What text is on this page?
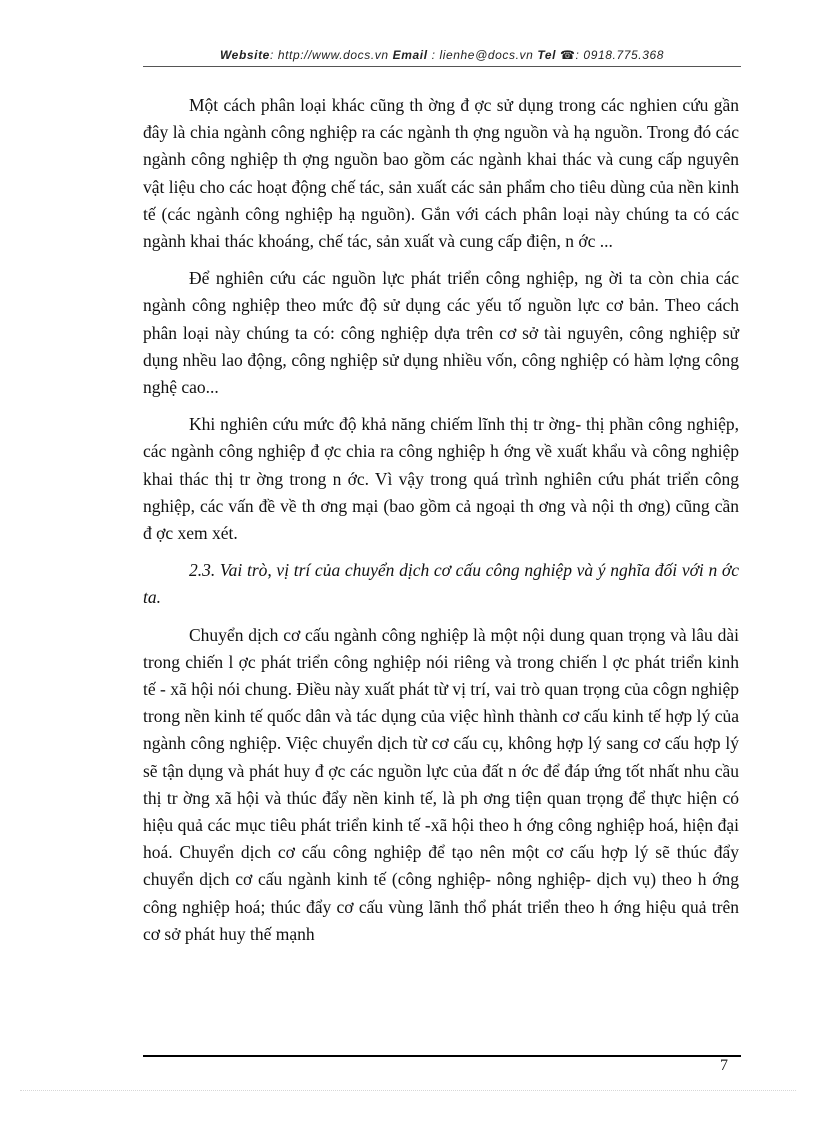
Website: http://www.docs.vn Email : lienhe@docs.vn Tel ☎: 0918.775.368

Một cách phân loại khác cũng th ờng đ ợc sử dụng trong các nghien cứu gần đây là chia ngành công nghiệp ra các ngành th ợng nguồn và hạ nguồn. Trong đó các ngành công nghiệp th ợng nguồn bao gồm các ngành khai thác và cung cấp nguyên vật liệu cho các hoạt động chế tác, sản xuất các sản phẩm cho tiêu dùng của nền kinh tế (các ngành công nghiệp hạ nguồn). Gắn với cách phân loại này chúng ta có các ngành khai thác khoáng, chế tác, sản xuất và cung cấp điện, n ớc ...

Để nghiên cứu các nguồn lực phát triển công nghiệp, ng ời ta còn chia các ngành công nghiệp theo mức độ sử dụng các yếu tố nguồn lực cơ bản. Theo cách phân loại này chúng ta có: công nghiệp dựa trên cơ sở tài nguyên, công nghiệp sử dụng nhều lao động, công nghiệp sử dụng nhiều vốn, công nghiệp có hàm lợng công nghệ cao...

Khi nghiên cứu mức độ khả năng chiếm lĩnh thị tr ờng- thị phần công nghiệp, các ngành công nghiệp đ ợc chia ra công nghiệp h ớng về xuất khẩu và công nghiệp khai thác thị tr ờng trong n ớc. Vì vậy trong quá trình nghiên cứu phát triển công nghiệp, các vấn đề về th ơng mại (bao gồm cả ngoại th ơng và nội th ơng) cũng cần đ ợc xem xét.

2.3. Vai trò, vị trí của chuyển dịch cơ cấu công nghiệp và ý nghĩa đối với n ớc ta.

Chuyển dịch cơ cấu ngành công nghiệp là một nội dung quan trọng và lâu dài trong chiến l ợc phát triển công nghiệp nói riêng và trong chiến l ợc phát triển kinh tế - xã hội nói chung. Điều này xuất phát từ vị trí, vai trò quan trọng của côgn nghiệp trong nền kinh tế quốc dân và tác dụng của việc hình thành cơ cấu kinh tế hợp lý của ngành công nghiệp. Việc chuyển dịch từ cơ cấu cụ, không hợp lý sang cơ cấu hợp lý sẽ tận dụng và phát huy đ ợc các nguồn lực của đất n ớc để đáp ứng tốt nhất nhu cầu thị tr ờng xã hội và thúc đẩy nền kinh tế, là ph ơng tiện quan trọng để thực hiện có hiệu quả các mục tiêu phát triển kinh tế -xã hội theo h ớng công nghiệp hoá, hiện đại hoá. Chuyển dịch cơ cấu công nghiệp để tạo nên một cơ cấu hợp lý sẽ thúc đẩy chuyển dịch cơ cấu ngành kinh tế (công nghiệp- nông nghiệp- dịch vụ) theo h ớng công nghiệp hoá; thúc đẩy cơ cấu vùng lãnh thổ phát triển theo h ớng hiệu quả trên cơ sở phát huy thế mạnh

7
